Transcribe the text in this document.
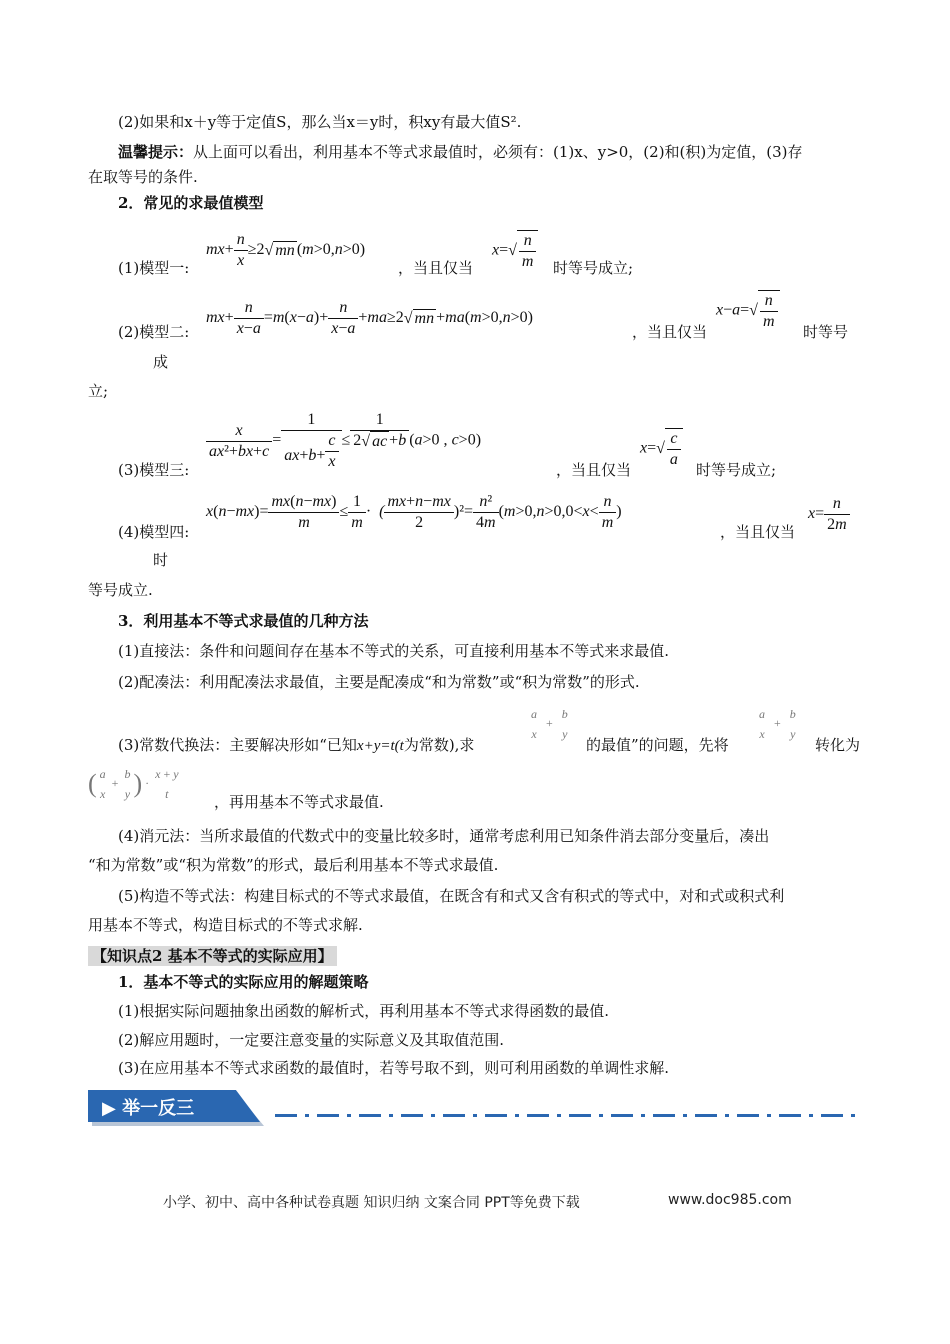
(2)如果和x＋y等于定值S，那么当x＝y时，积xy有最大值S².
温馨提示：从上面可以看出，利用基本不等式求最值时，必须有：(1)x、y>0，(2)和(积)为定值，(3)存
在取等号的条件.
2．常见的求最值模型
(1)模型一:
$mx+ \frac{n}{x} \ge 2√$ mn (m>0,n>0)
，当且仅当
$x=√ \frac{n}{m}$ 时等号成立;
(2)模型二:
$mx+ \frac{n}{x-a} =m(x-a)+ \frac{n}{x-a} +ma\ge 2√$ mn +ma(m>0,n>0)
，当且仅当
$x-a=√ \frac{n}{m}$ 时等号
成
立;
(3)模型三:
$\frac{x}{\text{ax²+bx+c}} = \frac{1}{ax+b+ \frac{c}{x}} \le \frac{1}{2√ ac +b} (a>0$ , c>0)
，当且仅当
$x=√ \frac{c}{a}$ 时等号成立;
(4)模型四:
$x(n-mx)= \frac{mx(n-mx)}{m} \le \frac{1}{m}$ ·  ( $\frac{mx+n-mx}{2} )^2= \frac{\text{n²}}{4m} (m>0,n>0,0<x< \frac{n}{m}$ )
，当且仅当
$x= \frac{n}{2m}$
时
等号成立.
3．利用基本不等式求最值的几种方法
(1)直接法：条件和问题间存在基本不等式的关系，可直接利用基本不等式来求最值.
(2)配凑法：利用配凑法求最值，主要是配凑成“和为常数”或“积为常数”的形式.
(3)常数代换法：主要解决形如“已知x+y=t(t为常数),求
a
x
+
b
y
的最值”的问题，先将
a
x
+
b
y
转化为
( a
x
+
b
y ) ·
x + y
t	，再用基本不等式求最值.
(4)消元法：当所求最值的代数式中的变量比较多时，通常考虑利用已知条件消去部分变量后，凑出
“和为常数”或“积为常数”的形式，最后利用基本不等式求最值.
(5)构造不等式法：构建目标式的不等式求最值，在既含有和式又含有积式的等式中，对和式或积式利
用基本不等式，构造目标式的不等式求解.
【知识点2 基本不等式的实际应用】
1．基本不等式的实际应用的解题策略
(1)根据实际问题抽象出函数的解析式，再利用基本不等式求得函数的最值.
(2)解应用题时，一定要注意变量的实际意义及其取值范围.
(3)在应用基本不等式求函数的最值时，若等号取不到，则可利用函数的单调性求解.
▶ 举一反三
小学、初中、高中各种试卷真题 知识归纳 文案合同 PPT等免费下载	www.doc985.com
